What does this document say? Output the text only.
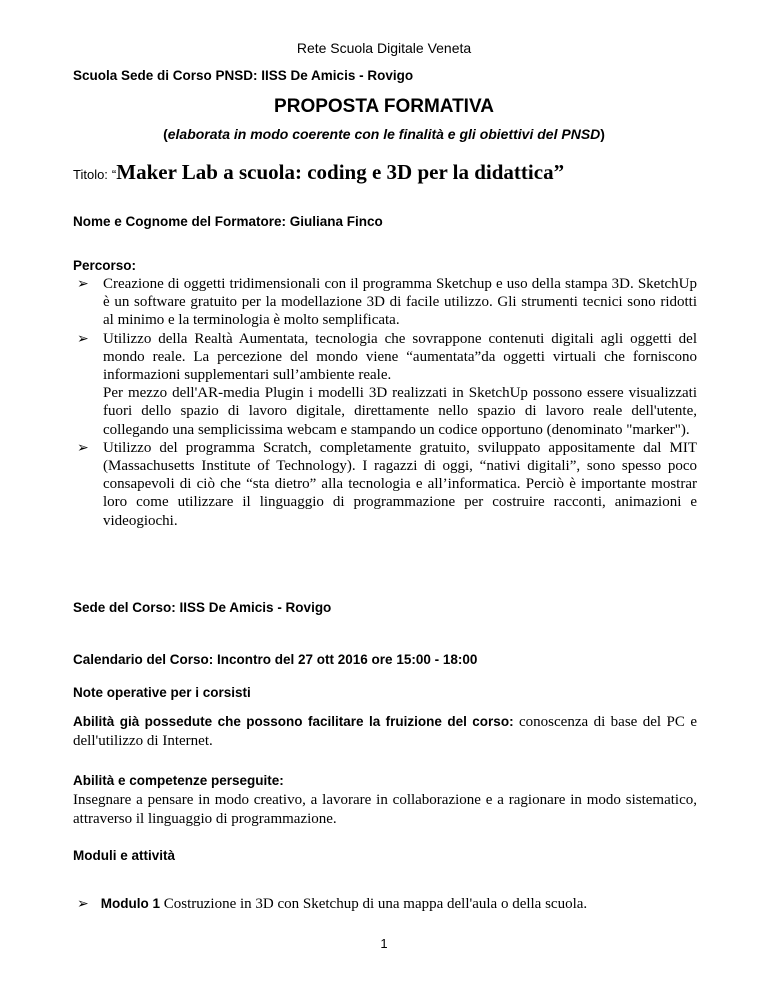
Rete Scuola Digitale Veneta
Scuola Sede di Corso PNSD: IISS De Amicis - Rovigo
PROPOSTA FORMATIVA
(elaborata in modo coerente con le finalità e gli obiettivi del PNSD)
Titolo: “Maker Lab a scuola: coding e 3D per la didattica”
Nome e Cognome del Formatore: Giuliana Finco
Percorso:
➢ Creazione di oggetti tridimensionali con il programma Sketchup e uso della stampa 3D. SketchUp è un software gratuito per la modellazione 3D di facile utilizzo. Gli strumenti tecnici sono ridotti al minimo e la terminologia è molto semplificata.

➢ Utilizzo della Realtà Aumentata, tecnologia che sovrappone contenuti digitali agli oggetti del mondo reale. La percezione del mondo viene “aumentata”da oggetti virtuali che forniscono informazioni supplementari sull’ambiente reale.

Per mezzo dell'AR-media Plugin i modelli 3D realizzati in SketchUp possono essere visualizzati fuori dello spazio di lavoro digitale, direttamente nello spazio di lavoro reale dell'utente, collegando una semplicissima webcam e stampando un codice opportuno (denominato "marker").

➢ Utilizzo del programma Scratch, completamente gratuito, sviluppato appositamente dal MIT (Massachusetts Institute of Technology). I ragazzi di oggi, “nativi digitali”, sono spesso poco consapevoli di ciò che “sta dietro” alla tecnologia e all’informatica. Perciò è importante mostrar loro come utilizzare il linguaggio di programmazione per costruire racconti, animazioni e videogiochi.

Sede del Corso: IISS De Amicis - Rovigo
Calendario del Corso: Incontro del 27 ott 2016 ore 15:00 - 18:00
Note operative per i corsisti
Abilità già possedute che possono facilitare la fruizione del corso: conoscenza di base del PC e dell'utilizzo di Internet.
Abilità e competenze perseguite:
Insegnare a pensare in modo creativo, a lavorare in collaborazione e a ragionare in modo sistematico, attraverso il linguaggio di programmazione.
Moduli e attività
➢ Modulo 1 Costruzione in 3D con Sketchup di una mappa dell'aula o della scuola.
1
